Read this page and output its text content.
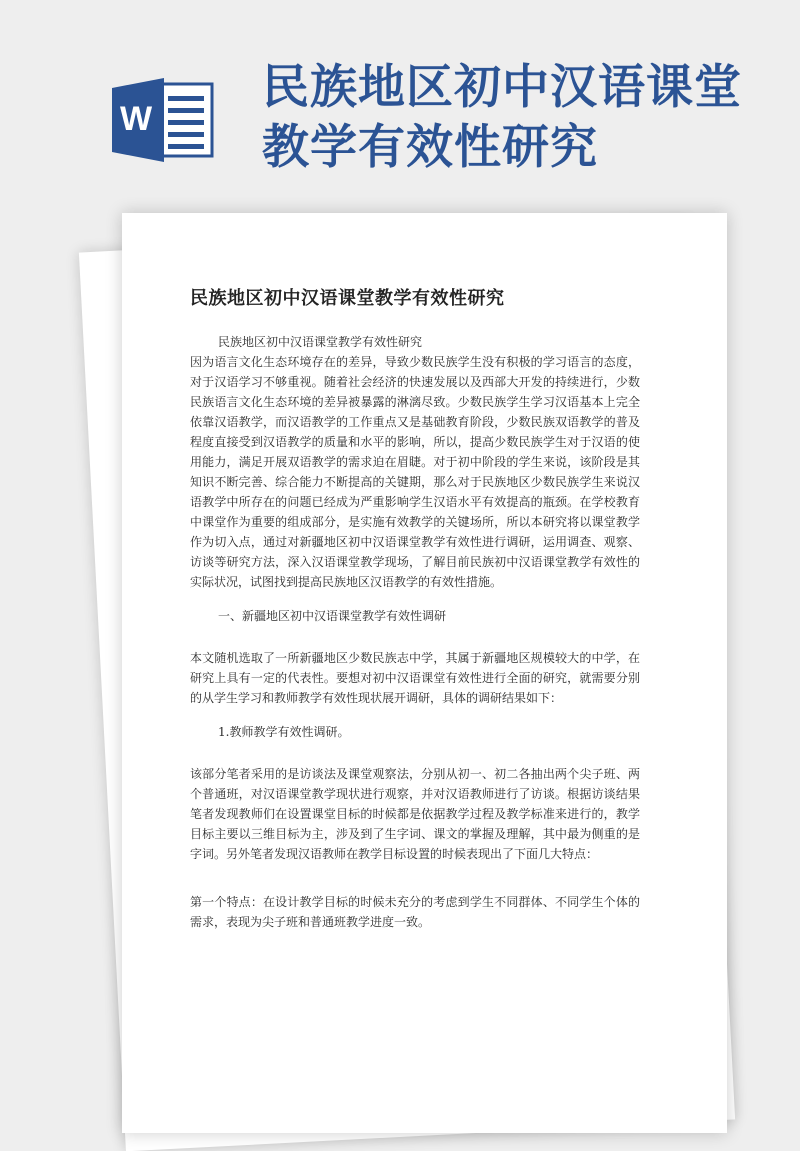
W
民族地区初中汉语课堂
教学有效性研究
民族地区初中汉语课堂教学有效性研究

民族地区初中汉语课堂教学有效性研究

因为语言文化生态环境存在的差异，导致少数民族学生没有积极的学习语言的态度，对于汉语学习不够重视。随着社会经济的快速发展以及西部大开发的持续进行，少数民族语言文化生态环境的差异被暴露的淋漓尽致。少数民族学生学习汉语基本上完全依靠汉语教学，而汉语教学的工作重点又是基础教育阶段，少数民族双语教学的普及程度直接受到汉语教学的质量和水平的影响，所以，提高少数民族学生对于汉语的使用能力，满足开展双语教学的需求迫在眉睫。对于初中阶段的学生来说，该阶段是其知识不断完善、综合能力不断提高的关键期，那么对于民族地区少数民族学生来说汉语教学中所存在的问题已经成为严重影响学生汉语水平有效提高的瓶颈。在学校教育中课堂作为重要的组成部分，是实施有效教学的关键场所，所以本研究将以课堂教学作为切入点，通过对新疆地区初中汉语课堂教学有效性进行调研，运用调查、观察、访谈等研究方法，深入汉语课堂教学现场，了解目前民族初中汉语课堂教学有效性的实际状况，试图找到提高民族地区汉语教学的有效性措施。

一、新疆地区初中汉语课堂教学有效性调研

本文随机选取了一所新疆地区少数民族志中学，其属于新疆地区规模较大的中学，在研究上具有一定的代表性。要想对初中汉语课堂有效性进行全面的研究，就需要分别的从学生学习和教师教学有效性现状展开调研，具体的调研结果如下：

1.教师教学有效性调研。

该部分笔者采用的是访谈法及课堂观察法，分别从初一、初二各抽出两个尖子班、两个普通班，对汉语课堂教学现状进行观察，并对汉语教师进行了访谈。根据访谈结果笔者发现教师们在设置课堂目标的时候都是依据教学过程及教学标准来进行的，教学目标主要以三维目标为主，涉及到了生字词、课文的掌握及理解，其中最为侧重的是字词。另外笔者发现汉语教师在教学目标设置的时候表现出了下面几大特点：

第一个特点：在设计教学目标的时候未充分的考虑到学生不同群体、不同学生个体的需求，表现为尖子班和普通班教学进度一致。
